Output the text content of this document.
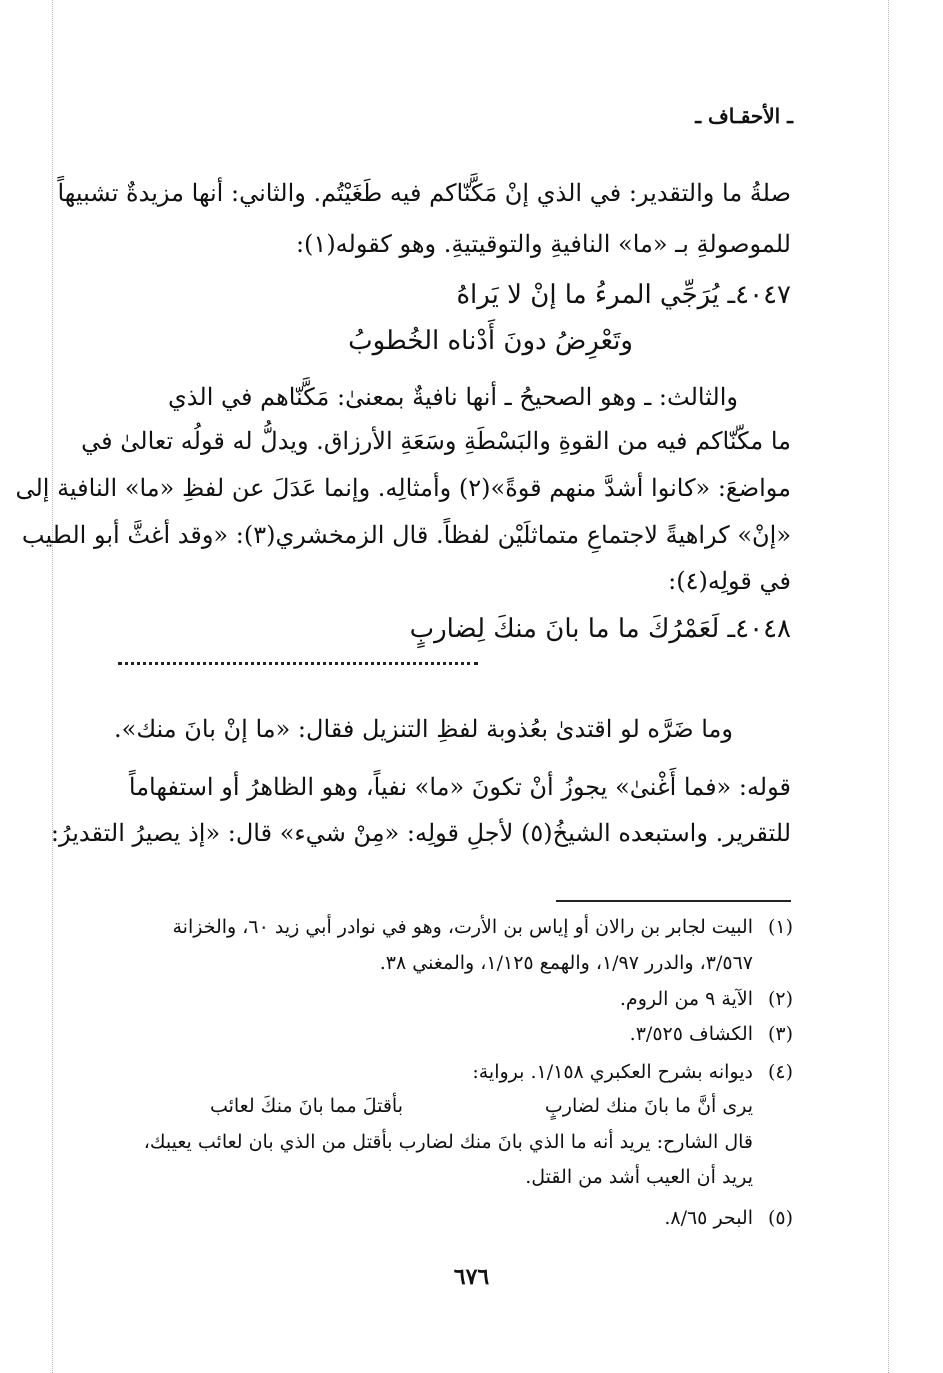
ـ الأحقـاف ـ
صلةُ ما والتقدير: في الذي إنْ مَكَّنّاكم فيه طَغَيْتُم. والثاني: أنها مزيدةٌ تشبيهاً
للموصولةِ بـ «ما» النافيةِ والتوقيتيةِ. وهو كقوله(١):
٤٠٤٧ـ يُرَجِّي المرءُ ما إنْ لا يَراهُ
وتَعْرِضُ دونَ أَدْناه الخُطوبُ
والثالث: ـ وهو الصحيحُ ـ أنها نافيةٌ بمعنىٰ: مَكَّنّاهم في الذي
ما مكّنّاكم فيه من القوةِ والبَسْطَةِ وسَعَةِ الأرزاق. ويدلُّ له قولُه تعالىٰ في
مواضعَ: «كانوا أشدَّ منهم قوةً»(٢) وأمثالِه. وإنما عَدَلَ عن لفظِ «ما» النافية إلى
«إنْ» كراهيةً لاجتماعِ متماثلَيْن لفظاً. قال الزمخشري(٣): «وقد أغثَّ أبو الطيب
في قولِه(٤):
٤٠٤٨ـ لَعَمْرُكَ ما ما بانَ منكَ لِضاربٍ
وما ضَرَّه لو اقتدىٰ بعُذوبة لفظِ التنزيل فقال: «ما إنْ بانَ منك».
قوله: «فما أَغْنىٰ» يجوزُ أنْ تكونَ «ما» نفياً، وهو الظاهرُ أو استفهاماً
للتقرير. واستبعده الشيخُ(٥) لأجلِ قولِه: «مِنْ شيء» قال: «إذ يصيرُ التقديرُ:
(١)البيت لجابر بن رالان أو إياس بن الأرت، وهو في نوادر أبي زيد ٦٠، والخزانة
٣/٥٦٧، والدرر ١/٩٧، والهمع ١/١٢٥، والمغني ٣٨.
(٢)الآية ٩ من الروم.
(٣)الكشاف ٣/٥٢٥.
(٤)ديوانه بشرح العكبري ١/١٥٨. برواية:
يرى أنَّ ما بانَ منك لضاربٍ
بأقتلَ مما بانَ منكَ لعائب
قال الشارح: يريد أنه ما الذي بانَ منك لضارب بأقتل من الذي بان لعائب يعيبك،
يريد أن العيب أشد من القتل.
(٥)البحر ٨/٦٥.
٦٧٦
